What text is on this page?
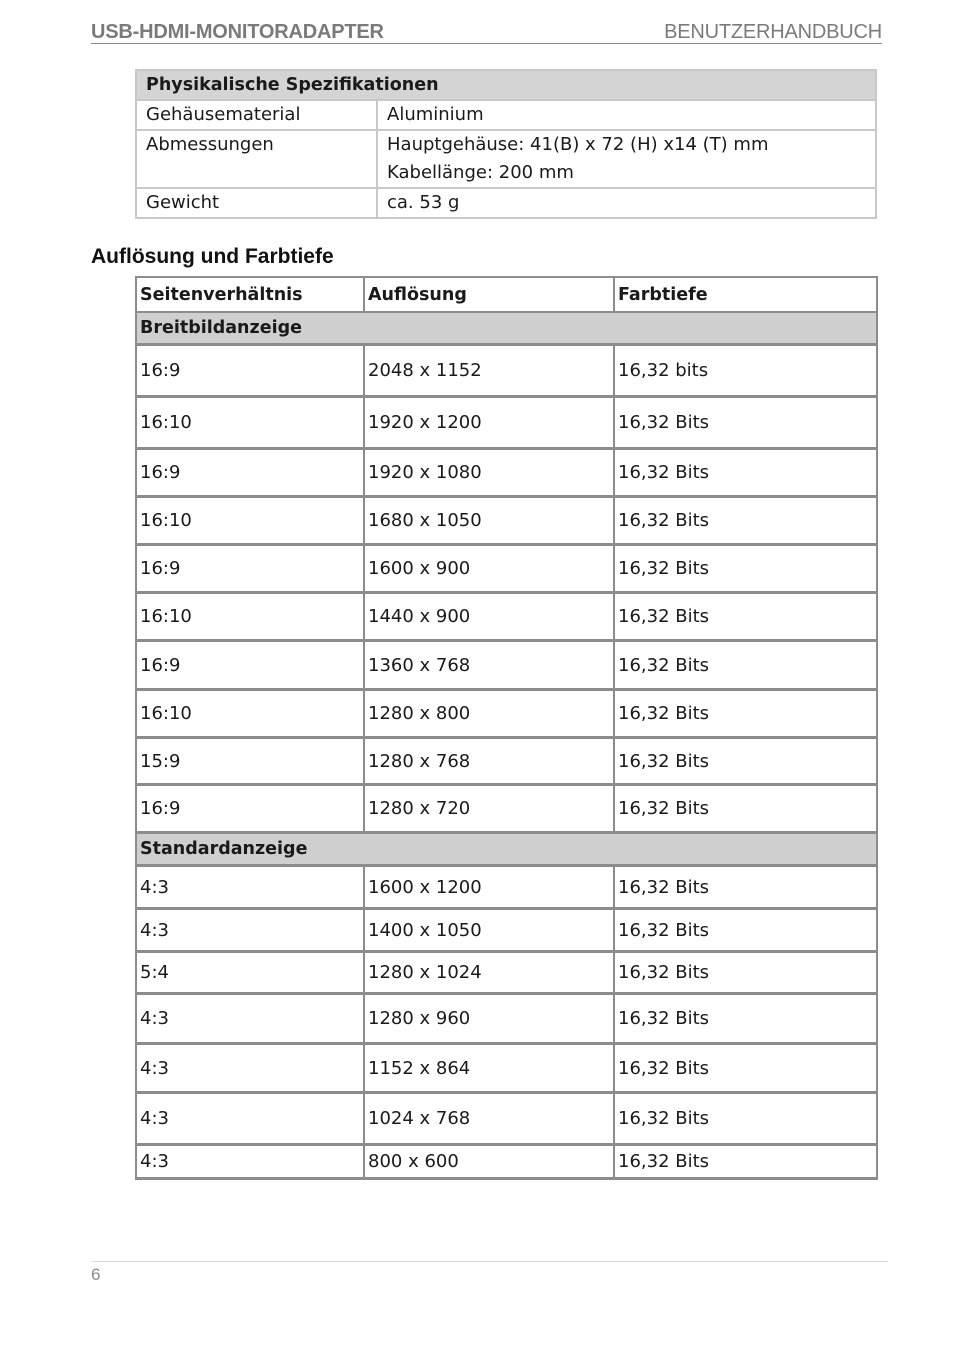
USB-HDMI-MONITORADAPTER	BENUTZERHANDBUCH
Physikalische Spezifikationen	
Gehäusematerial	Aluminium
Abmessungen	Hauptgehäuse: 41(B) x 72 (H) x14 (T) mm
Kabellänge: 200 mm

Gewicht	ca. 53 g
Auflösung und Farbtiefe
Seitenverhältnis	Auflösung	Farbtiefe
Breitbildanzeige		
16:9	2048 x 1152	16,32 bits
16:10	1920 x 1200	16,32 Bits
16:9	1920 x 1080	16,32 Bits
16:10	1680 x 1050	16,32 Bits
16:9	1600 x 900	16,32 Bits
16:10	1440 x 900	16,32 Bits
16:9	1360 x 768	16,32 Bits
16:10	1280 x 800	16,32 Bits
15:9	1280 x 768	16,32 Bits
16:9	1280 x 720	16,32 Bits
Standardanzeige		
4:3	1600 x 1200	16,32 Bits
4:3	1400 x 1050	16,32 Bits
5:4	1280 x 1024	16,32 Bits
4:3	1280 x 960	16,32 Bits
4:3	1152 x 864	16,32 Bits
4:3	1024 x 768	16,32 Bits
4:3	800 x 600	16,32 Bits
6
